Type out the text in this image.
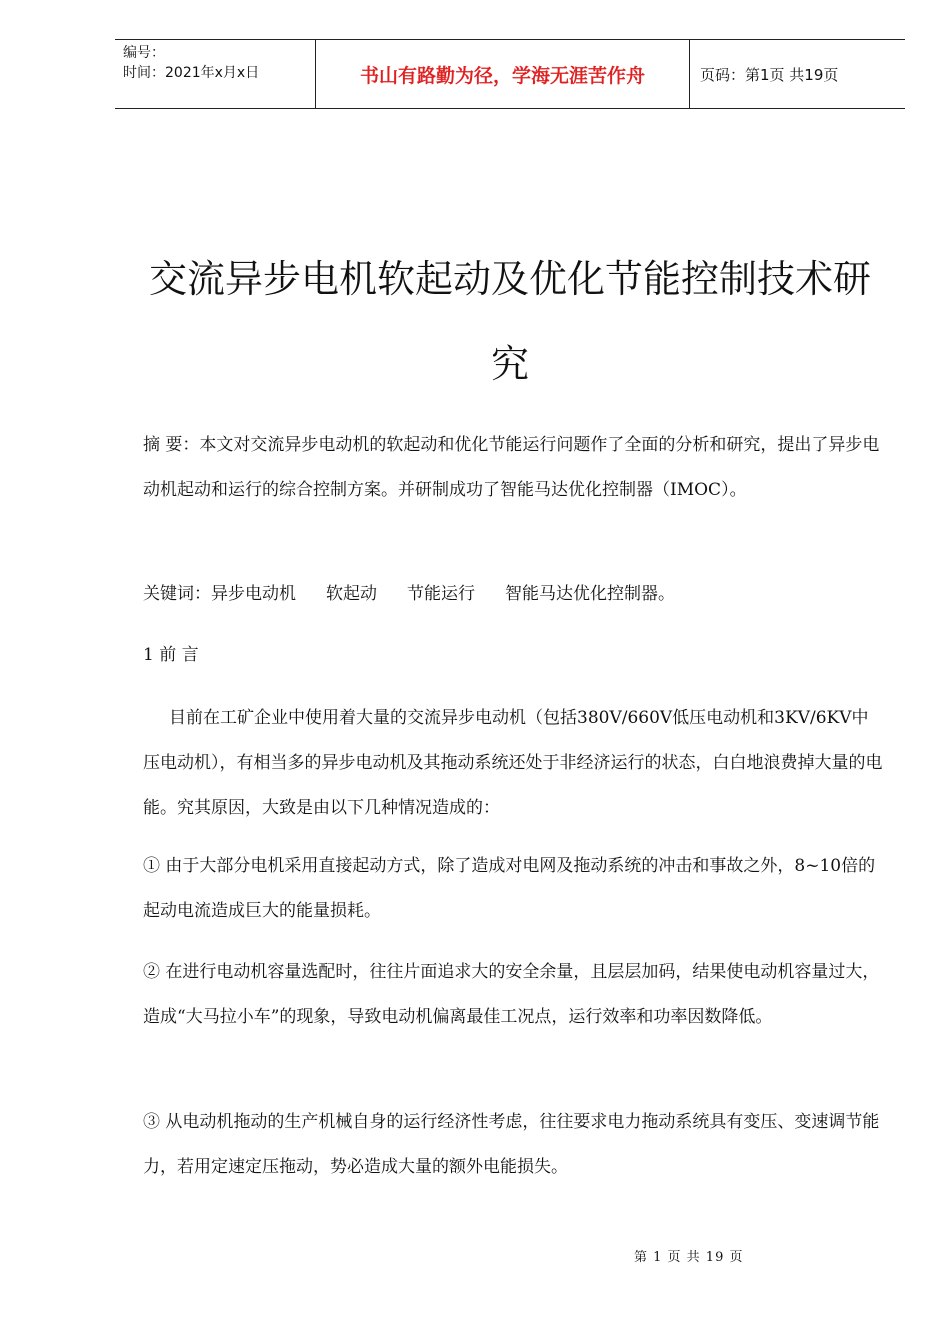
编号：
时间：2021年x月x日	书山有路勤为径，学海无涯苦作舟	页码：第1页 共19页
交流异步电机软起动及优化节能控制技术研
究

摘 要：本文对交流异步电动机的软起动和优化节能运行问题作了全面的分析和研究，提出了异步电动机起动和运行的综合控制方案。并研制成功了智能马达优化控制器（IMOC）。

关键词：异步电动机 软起动 节能运行 智能马达优化控制器。

1 前 言

目前在工矿企业中使用着大量的交流异步电动机（包括380V/660V低压电动机和3KV/6KV中压电动机），有相当多的异步电动机及其拖动系统还处于非经济运行的状态，白白地浪费掉大量的电能。究其原因，大致是由以下几种情况造成的：

① 由于大部分电机采用直接起动方式，除了造成对电网及拖动系统的冲击和事故之外，8~10倍的起动电流造成巨大的能量损耗。

② 在进行电动机容量选配时，往往片面追求大的安全余量，且层层加码，结果使电动机容量过大，造成“大马拉小车”的现象，导致电动机偏离最佳工况点，运行效率和功率因数降低。

③ 从电动机拖动的生产机械自身的运行经济性考虑，往往要求电力拖动系统具有变压、变速调节能力，若用定速定压拖动，势必造成大量的额外电能损失。

第 1 页 共 19 页
